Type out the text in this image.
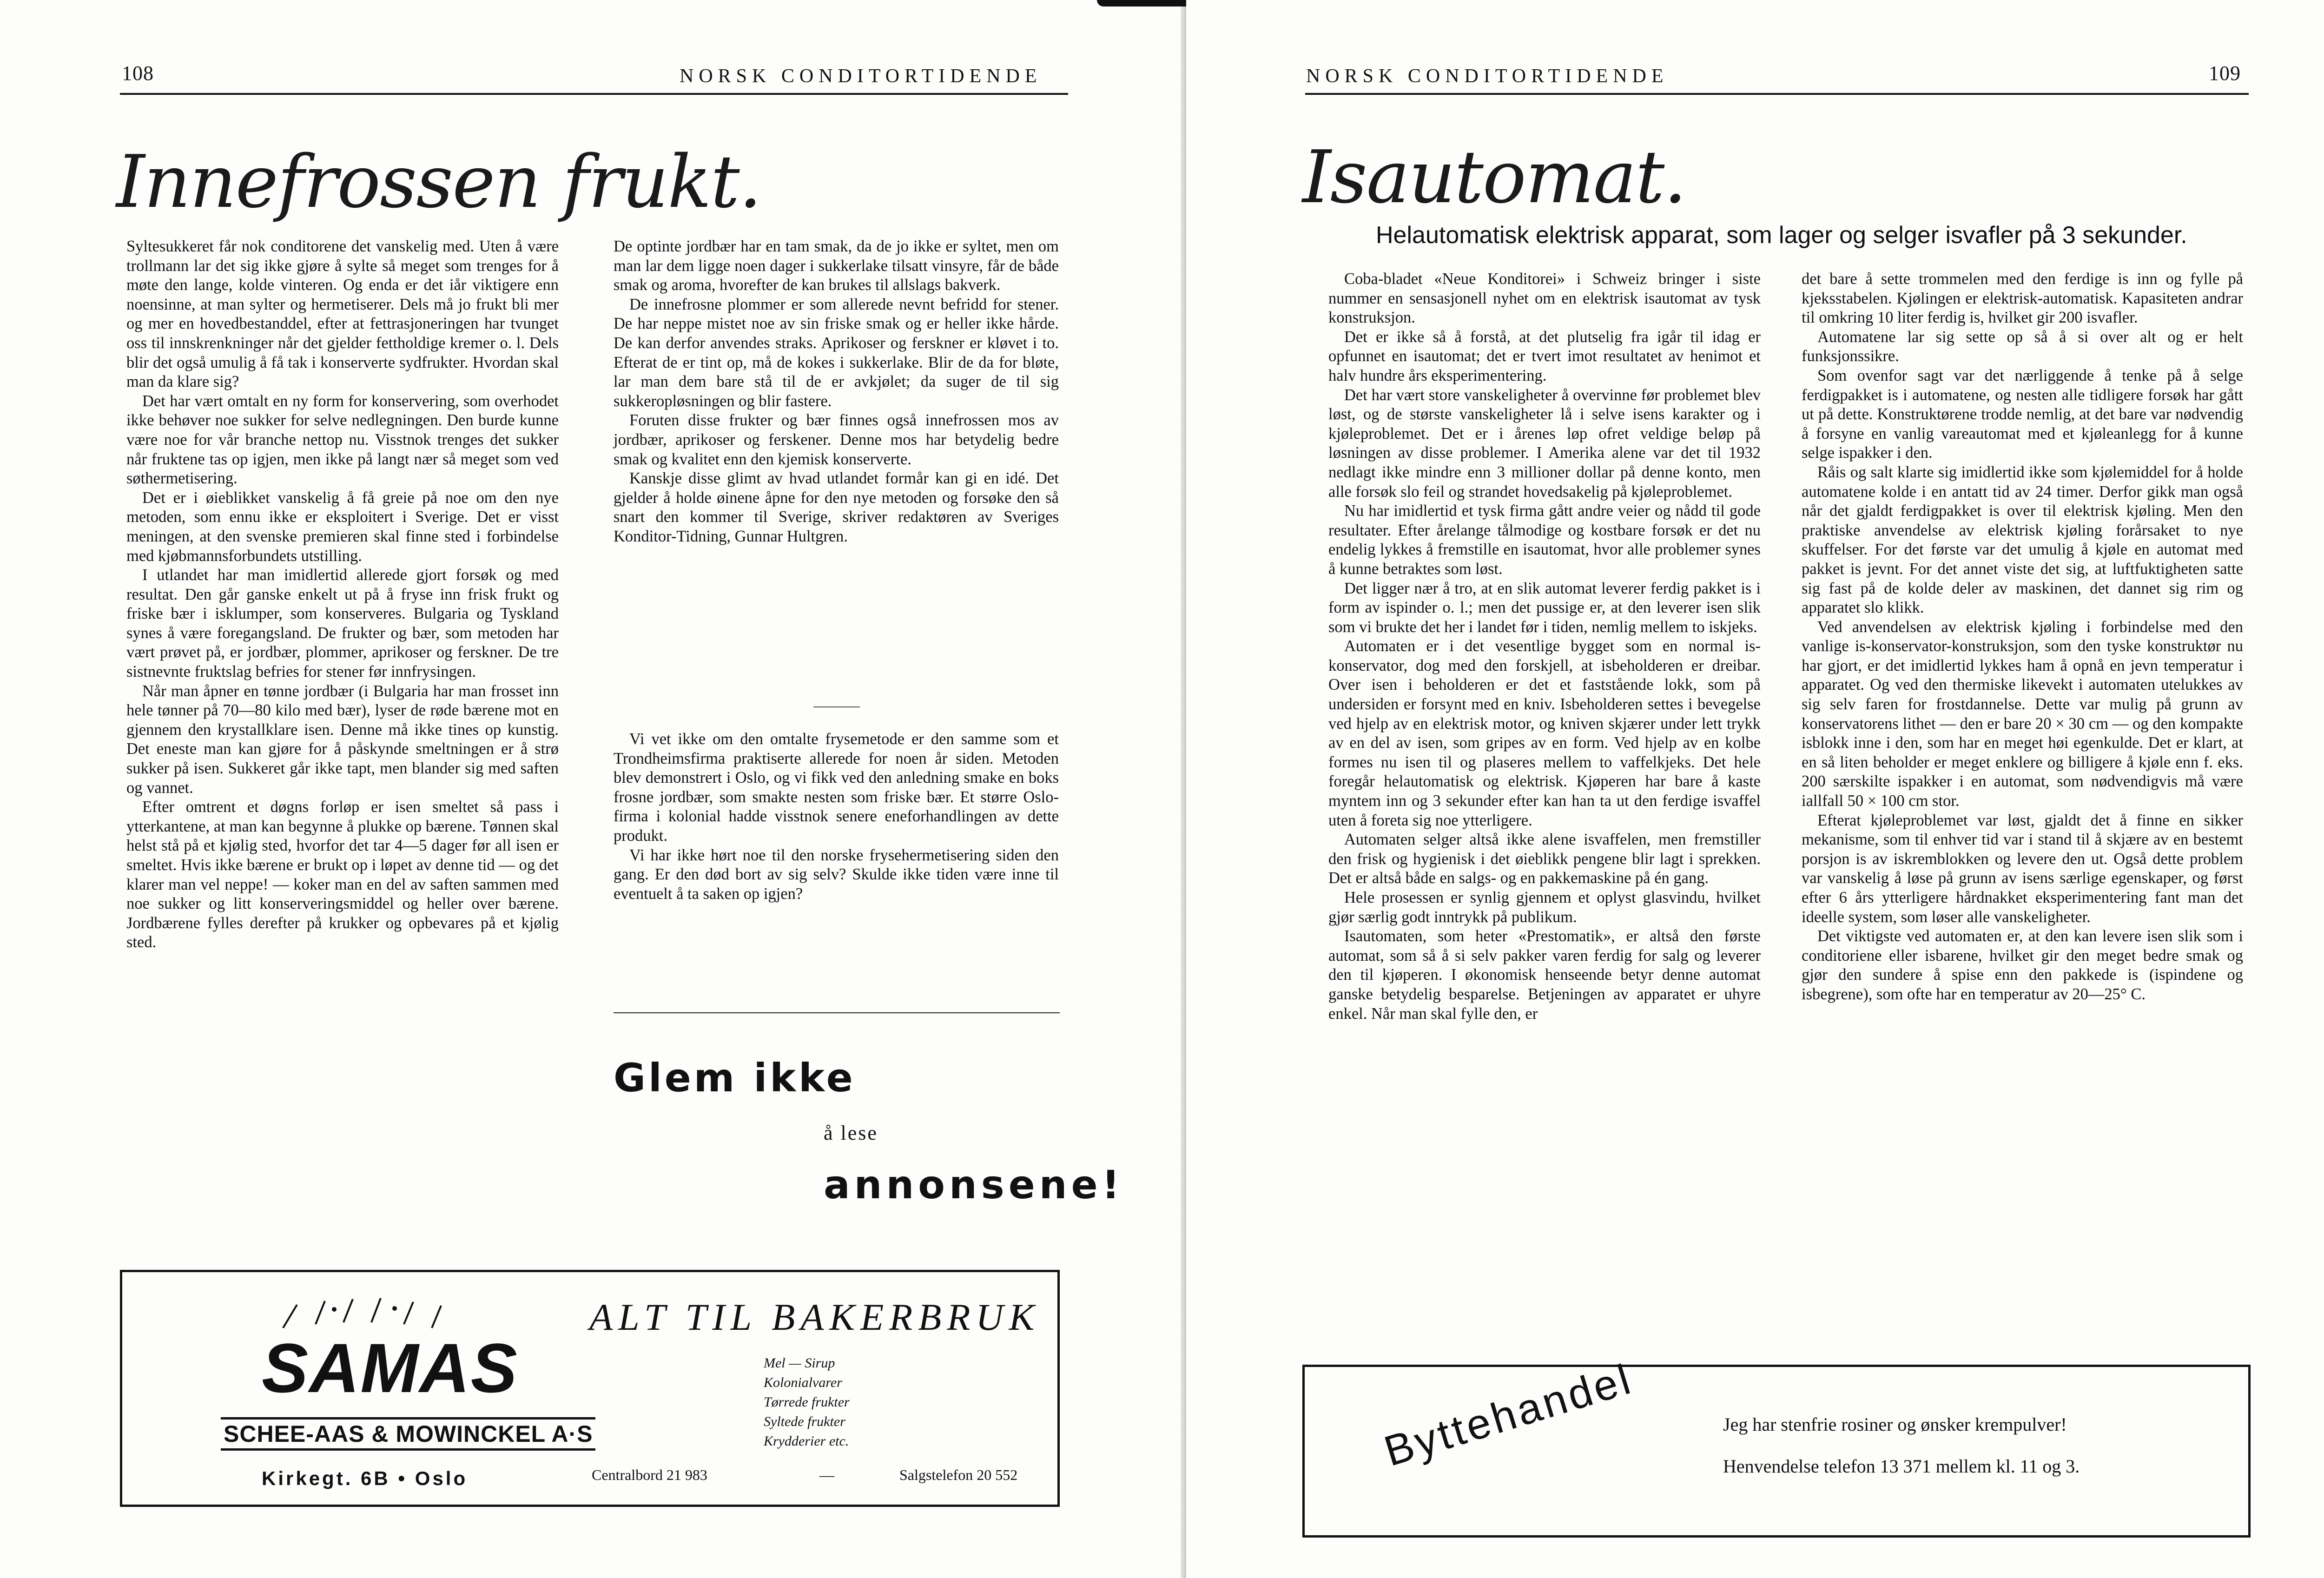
108	NORSK CONDITORTIDENDE
Innefrossen frukt.

Syltesukkeret får nok conditorene det vanskelig med. Uten å være trollmann lar det sig ikke gjøre å sylte så meget som trenges for å møte den lange, kolde vinteren. Og enda er det iår viktigere enn noensinne, at man sylter og hermetiserer. Dels må jo frukt bli mer og mer en hovedbestanddel, efter at fettrasjoneringen har tvunget oss til innskrenkninger når det gjelder fettholdige kremer o. l. Dels blir det også umulig å få tak i konserverte sydfrukter. Hvordan skal man da klare sig?

Det har vært omtalt en ny form for konservering, som overhodet ikke behøver noe sukker for selve nedlegningen. Den burde kunne være noe for vår branche nettop nu. Visstnok trenges det sukker når fruktene tas op igjen, men ikke på langt nær så meget som ved søthermetisering.

Det er i øieblikket vanskelig å få greie på noe om den nye metoden, som ennu ikke er eksploitert i Sverige. Det er visst meningen, at den svenske premieren skal finne sted i forbindelse med kjøbmannsforbundets utstilling.

I utlandet har man imidlertid allerede gjort forsøk og med resultat. Den går ganske enkelt ut på å fryse inn frisk frukt og friske bær i isklumper, som konserveres. Bulgaria og Tyskland synes å være foregangsland. De frukter og bær, som metoden har vært prøvet på, er jordbær, plommer, aprikoser og ferskner. De tre sistnevnte fruktslag befries for stener før innfrysingen.

Når man åpner en tønne jordbær (i Bulgaria har man frosset inn hele tønner på 70—80 kilo med bær), lyser de røde bærene mot en gjennem den krystallklare isen. Denne må ikke tines op kunstig. Det eneste man kan gjøre for å påskynde smeltningen er å strø sukker på isen. Sukkeret går ikke tapt, men blander sig med saften og vannet.

Efter omtrent et døgns forløp er isen smeltet så pass i ytterkantene, at man kan begynne å plukke op bærene. Tønnen skal helst stå på et kjølig sted, hvorfor det tar 4—5 dager før all isen er smeltet. Hvis ikke bærene er brukt op i løpet av denne tid — og det klarer man vel neppe! — koker man en del av saften sammen med noe sukker og litt konserveringsmiddel og heller over bærene. Jordbærene fylles derefter på krukker og opbevares på et kjølig sted.

De optinte jordbær har en tam smak, da de jo ikke er syltet, men om man lar dem ligge noen dager i sukkerlake tilsatt vinsyre, får de både smak og aroma, hvorefter de kan brukes til allslags bakverk.

De innefrosne plommer er som allerede nevnt befridd for stener. De har neppe mistet noe av sin friske smak og er heller ikke hårde. De kan derfor anvendes straks. Aprikoser og ferskner er kløvet i to. Efterat de er tint op, må de kokes i sukkerlake. Blir de da for bløte, lar man dem bare stå til de er avkjølet; da suger de til sig sukkeropløsningen og blir fastere.

Foruten disse frukter og bær finnes også innefrossen mos av jordbær, aprikoser og ferskener. Denne mos har betydelig bedre smak og kvalitet enn den kjemisk konserverte.

Kanskje disse glimt av hvad utlandet formår kan gi en idé. Det gjelder å holde øinene åpne for den nye metoden og forsøke den så snart den kommer til Sverige, skriver redaktøren av Sveriges Konditor-Tidning, Gunnar Hultgren.

Vi vet ikke om den omtalte frysemetode er den samme som et Trondheimsfirma praktiserte allerede for noen år siden. Metoden blev demonstrert i Oslo, og vi fikk ved den anledning smake en boks frosne jordbær, som smakte nesten som friske bær. Et større Oslo-firma i kolonial hadde visstnok senere eneforhandlingen av dette produkt.

Vi har ikke hørt noe til den norske frysehermetisering siden den gang. Er den død bort av sig selv? Skulde ikke tiden være inne til eventuelt å ta saken op igjen?

Glem ikke
å lese
annonsene!
SAMAS
SCHEE-AAS & MOWINCKEL A·S
Kirkegt. 6B • Oslo
ALT TIL BAKERBRUK
Mel — Sirup
Kolonialvarer
Tørrede frukter
Syltede frukter
Krydderier etc.
Centralbord 21 983	—	Salgstelefon 20 552
NORSK CONDITORTIDENDE	109
Isautomat.
Helautomatisk elektrisk apparat, som lager og selger isvafler på 3 sekunder.

Coba-bladet «Neue Konditorei» i Schweiz bringer i siste nummer en sensasjonell nyhet om en elektrisk isautomat av tysk konstruksjon.

Det er ikke så å forstå, at det plutselig fra igår til idag er opfunnet en isautomat; det er tvert imot resultatet av henimot et halv hundre års eksperimentering.

Det har vært store vanskeligheter å overvinne før problemet blev løst, og de største vanskeligheter lå i selve isens karakter og i kjøleproblemet. Det er i årenes løp ofret veldige beløp på løsningen av disse problemer. I Amerika alene var det til 1932 nedlagt ikke mindre enn 3 millioner dollar på denne konto, men alle forsøk slo feil og strandet hovedsakelig på kjøleproblemet.

Nu har imidlertid et tysk firma gått andre veier og nådd til gode resultater. Efter årelange tålmodige og kostbare forsøk er det nu endelig lykkes å fremstille en isautomat, hvor alle problemer synes å kunne betraktes som løst.

Det ligger nær å tro, at en slik automat leverer ferdig pakket is i form av ispinder o. l.; men det pussige er, at den leverer isen slik som vi brukte det her i landet før i tiden, nemlig mellem to iskjeks.

Automaten er i det vesentlige bygget som en normal is-konservator, dog med den forskjell, at isbeholderen er dreibar. Over isen i beholderen er det et faststående lokk, som på undersiden er forsynt med en kniv. Isbeholderen settes i bevegelse ved hjelp av en elektrisk motor, og kniven skjærer under lett trykk av en del av isen, som gripes av en form. Ved hjelp av en kolbe formes nu isen til og plaseres mellem to vaffelkjeks. Det hele foregår helautomatisk og elektrisk. Kjøperen har bare å kaste myntem inn og 3 sekunder efter kan han ta ut den ferdige isvaffel uten å foreta sig noe ytterligere.

Automaten selger altså ikke alene isvaffelen, men fremstiller den frisk og hygienisk i det øieblikk pengene blir lagt i sprekken. Det er altså både en salgs- og en pakkemaskine på én gang.

Hele prosessen er synlig gjennem et oplyst glasvindu, hvilket gjør særlig godt inntrykk på publikum.

Isautomaten, som heter «Prestomatik», er altså den første automat, som så å si selv pakker varen ferdig for salg og leverer den til kjøperen. I økonomisk henseende betyr denne automat ganske betydelig besparelse. Betjeningen av apparatet er uhyre enkel. Når man skal fylle den, er

det bare å sette trommelen med den ferdige is inn og fylle på kjeksstabelen. Kjølingen er elektrisk-automatisk. Kapasiteten andrar til omkring 10 liter ferdig is, hvilket gir 200 isvafler.

Automatene lar sig sette op så å si over alt og er helt funksjonssikre.

Som ovenfor sagt var det nærliggende å tenke på å selge ferdigpakket is i automatene, og nesten alle tidligere forsøk har gått ut på dette. Konstruktørene trodde nemlig, at det bare var nødvendig å forsyne en vanlig vareautomat med et kjøleanlegg for å kunne selge ispakker i den.

Råis og salt klarte sig imidlertid ikke som kjølemiddel for å holde automatene kolde i en antatt tid av 24 timer. Derfor gikk man også når det gjaldt ferdigpakket is over til elektrisk kjøling. Men den praktiske anvendelse av elektrisk kjøling forårsaket to nye skuffelser. For det første var det umulig å kjøle en automat med pakket is jevnt. For det annet viste det sig, at luftfuktigheten satte sig fast på de kolde deler av maskinen, det dannet sig rim og apparatet slo klikk.

Ved anvendelsen av elektrisk kjøling i forbindelse med den vanlige is-konservator-konstruksjon, som den tyske konstruktør nu har gjort, er det imidlertid lykkes ham å opnå en jevn temperatur i apparatet. Og ved den thermiske likevekt i automaten utelukkes av sig selv faren for frostdannelse. Dette var mulig på grunn av konservatorens lithet — den er bare 20 × 30 cm — og den kompakte isblokk inne i den, som har en meget høi egenkulde. Det er klart, at en så liten beholder er meget enklere og billigere å kjøle enn f. eks. 200 særskilte ispakker i en automat, som nødvendigvis må være iallfall 50 × 100 cm stor.

Efterat kjøleproblemet var løst, gjaldt det å finne en sikker mekanisme, som til enhver tid var i stand til å skjære av en bestemt porsjon is av iskremblokken og levere den ut. Også dette problem var vanskelig å løse på grunn av isens særlige egenskaper, og først efter 6 års ytterligere hårdnakket eksperimentering fant man det ideelle system, som løser alle vanskeligheter.

Det viktigste ved automaten er, at den kan levere isen slik som i conditoriene eller isbarene, hvilket gir den meget bedre smak og gjør den sundere å spise enn den pakkede is (ispindene og isbegrene), som ofte har en temperatur av 20—25° C.

Byttehandel	Jeg har stenfrie rosiner og ønsker krempulver!
Henvendelse telefon 13 371 mellem kl. 11 og 3.
